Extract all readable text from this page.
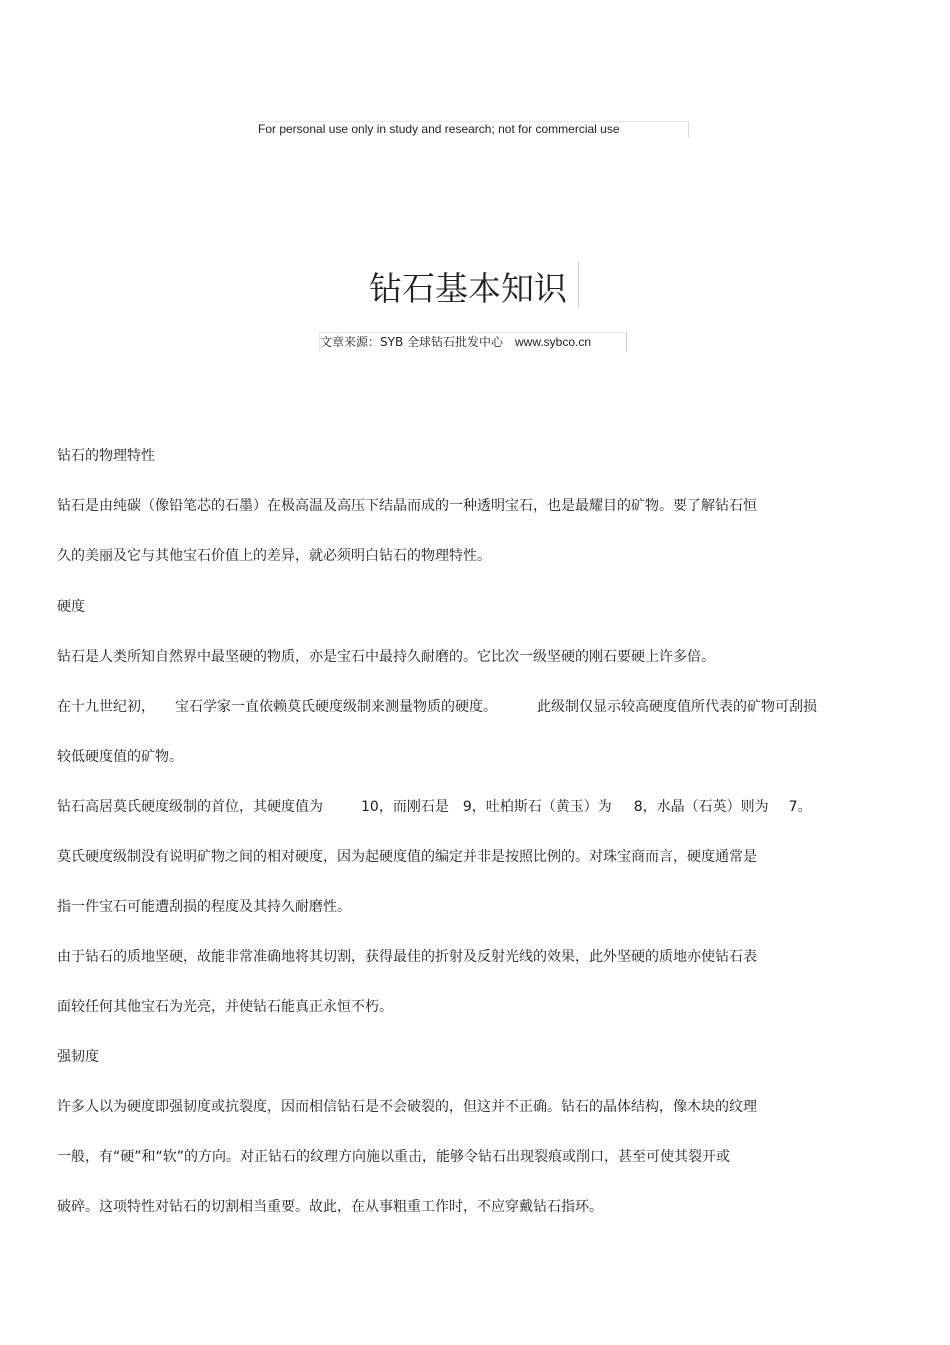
For personal use only in study and research; not for commercial use
钻石基本知识
文章来源：SYB 全球钻石批发中心 www.sybco.cn
钻石的物理特性
钻石是由纯碳（像铅笔芯的石墨）在极高温及高压下结晶而成的一种透明宝石，也是最耀目的矿物。要了解钻石恒
久的美丽及它与其他宝石价值上的差异，就必须明白钻石的物理特性。
硬度
钻石是人类所知自然界中最坚硬的物质，亦是宝石中最持久耐磨的。它比次一级坚硬的刚石要硬上许多倍。
在十九世纪初， 宝石学家一直依赖莫氏硬度级制来测量物质的硬度。	此级制仅显示较高硬度值所代表的矿物可刮损
较低硬度值的矿物。
钻石高居莫氏硬度级制的首位，其硬度值为	10，而刚石是 9，吐柏斯石（黄玉）为 8，水晶（石英）则为 7。
莫氏硬度级制没有说明矿物之间的相对硬度，因为起硬度值的编定并非是按照比例的。对珠宝商而言，硬度通常是
指一件宝石可能遭刮损的程度及其持久耐磨性。
由于钻石的质地坚硬，故能非常准确地将其切割，获得最佳的折射及反射光线的效果，此外坚硬的质地亦使钻石表
面较任何其他宝石为光亮，并使钻石能真正永恒不朽。
强韧度
许多人以为硬度即强韧度或抗裂度，因而相信钻石是不会破裂的，但这并不正确。钻石的晶体结构，像木块的纹理
一般，有“硬”和“软”的方向。对正钻石的纹理方向施以重击，能够令钻石出现裂痕或削口，甚至可使其裂开或
破碎。这项特性对钻石的切割相当重要。故此，在从事粗重工作时，不应穿戴钻石指环。
